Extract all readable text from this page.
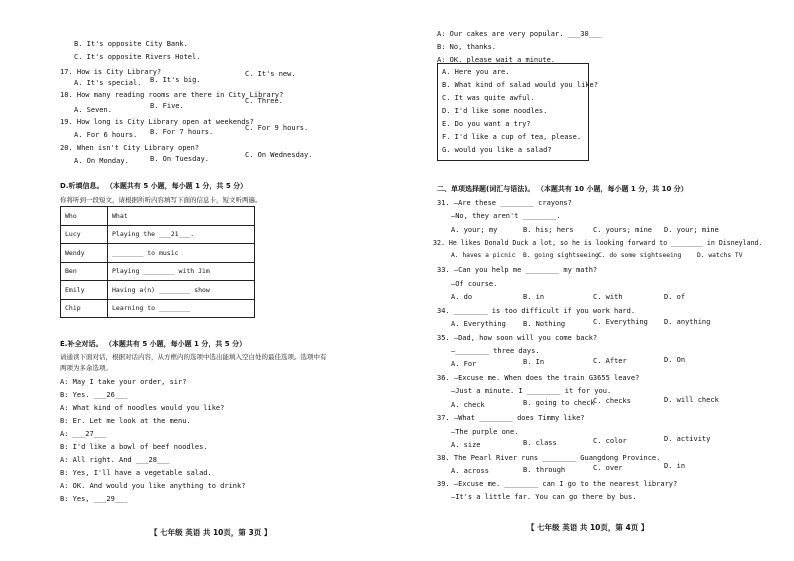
B. It's opposite City Bank.
C. It's opposite Rivers Hotel.
17. How is City Library?
A. It's special. B. It's big.
C. It's new.
18. How many reading rooms are there in City Library?
A. Seven.	B. Five.
C. Three.
19. How long is City Library open at weekends?
A. For 6 hours. B. For 7 hours.	C. For 9 hours.
20. When isn't City Library open?
A. On Monday.	B. On Tuesday.	C. On Wednesday.
D.听填信息。 （本题共有 5 小题，每小题 1 分，共 5 分）
你将听到一段短文，请根据所听内容填写下面的信息卡，短文听两遍。
Who	What
Lucy	Playing the ___21___.
Wendy	________ to music
Ben	Playing ________ with Jim
Emily	Having a(n) ________ show
Chip	Learning to ________
E.补全对话。 （本题共有 5 小题，每小题 1 分，共 5 分）
请通读下面对话，根据对话内容，从方框内的选项中选出能填入空白处的最佳选项。选项中有
两项为多余选项。
A: May I take your order, sir?
B: Yes. ___26___
A: What kind of noodles would you like?
B: Er. Let me look at the menu.
A: ___27___
B: I'd like a bowl of beef noodles.
A: All right. And ___28___
B: Yes, I'll have a vegetable salad.
A: OK. And would you like anything to drink?
B: Yes, ___29___
【 七年级 英语 共 10页，第 3页 】
A: Our cakes are very popular. ___30___
B: No, thanks.
A: OK. please wait a minute.
A. Here you are.
B. What kind of salad would you like?
C. It was quite awful.
D. I'd like some noodles.
E. Do you want a try?
F. I'd like a cup of tea, please.
G. would you like a salad?
二、单项选择题(词汇与语法)。 （本题共有 10 小题，每小题 1 分，共 10 分）
31. —Are these ________ crayons?
—No, they aren't ________.
A. your; my	B. his; hers	C. yours; mine D. your; mine
32. He likes Donald Duck a lot, so he is looking forward to ________ in Disneyland.
A. haves a picnic B. going sightseeing C. do some sightseeing D. watchs TV
33. —Can you help me ________ my math?
—Of course.
A. do	B. in	C. with	D. of
34. ________ is too difficult if you work hard.
A. Everything B. Nothing	C. Everything D. anything
35. —Dad, how soon will you come back?
—________ three days.
A. For	B. In	C. After	D. On
36. —Excuse me. When does the train G3655 leave?
—Just a minute. I ________ it for you.
A. check	B. going to check
C. checks	D. will check
37. —What ________ does Timmy like?
—The purple one.
A. size	B. class	C. color	D. activity
38. The Pearl River runs ________ Guangdong Province.
A. across	B. through	C. over	D. in
39. —Excuse me. ________ can I go to the nearest library?
—It's a little far. You can go there by bus.
【 七年级 英语 共 10页，第 4页 】
